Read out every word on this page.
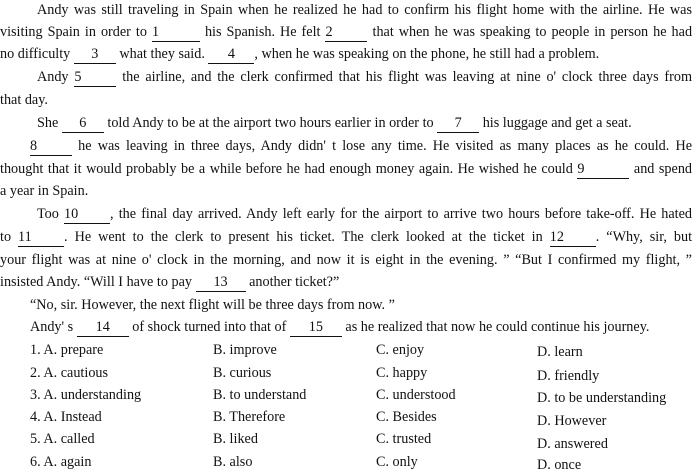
Andy was still traveling in Spain when he realized he had to confirm his flight home with the airline. He was
visiting Spain in order to 1	his Spanish. He felt 2	that when he was speaking to people in person he had
no difficulty 3 what they said. 4 , when he was speaking on the phone, he still had a problem.
Andy 5	the airline, and the clerk confirmed that his flight was leaving at nine o' clock three days from
that day.
She 6 told Andy to be at the airport two hours earlier in order to 7 his luggage and get a seat.
8	he was leaving in three days, Andy didn' t lose any time. He visited as many places as he could. He
thought that it would probably be a while before he had enough money again. He wished he could 9	and spend
a year in Spain.
Too 10 , the final day arrived. Andy left early for the airport to arrive two hours before take-off. He hated
to 11 . He went to the clerk to present his ticket. The clerk looked at the ticket in 12 . “Why, sir, but
your flight was at nine o' clock in the morning, and now it is eight in the evening. ” “But I confirmed my flight, ”
insisted Andy. “Will I have to pay 13 another ticket?”
“No, sir. However, the next flight will be three days from now. ”
Andy' s 14 of shock turned into that of 15 as he realized that now he could continue his journey.
1. A. prepare	B. improve	C. enjoy	D. learn
2. A. cautious	B. curious	C. happy	D. friendly
3. A. understanding	B. to understand	C. understood	D. to be understanding
4. A. Instead	B. Therefore	C. Besides	D. However
5. A. called	B. liked	C. trusted	D. answered
6. A. again	B. also	C. only	D. once
